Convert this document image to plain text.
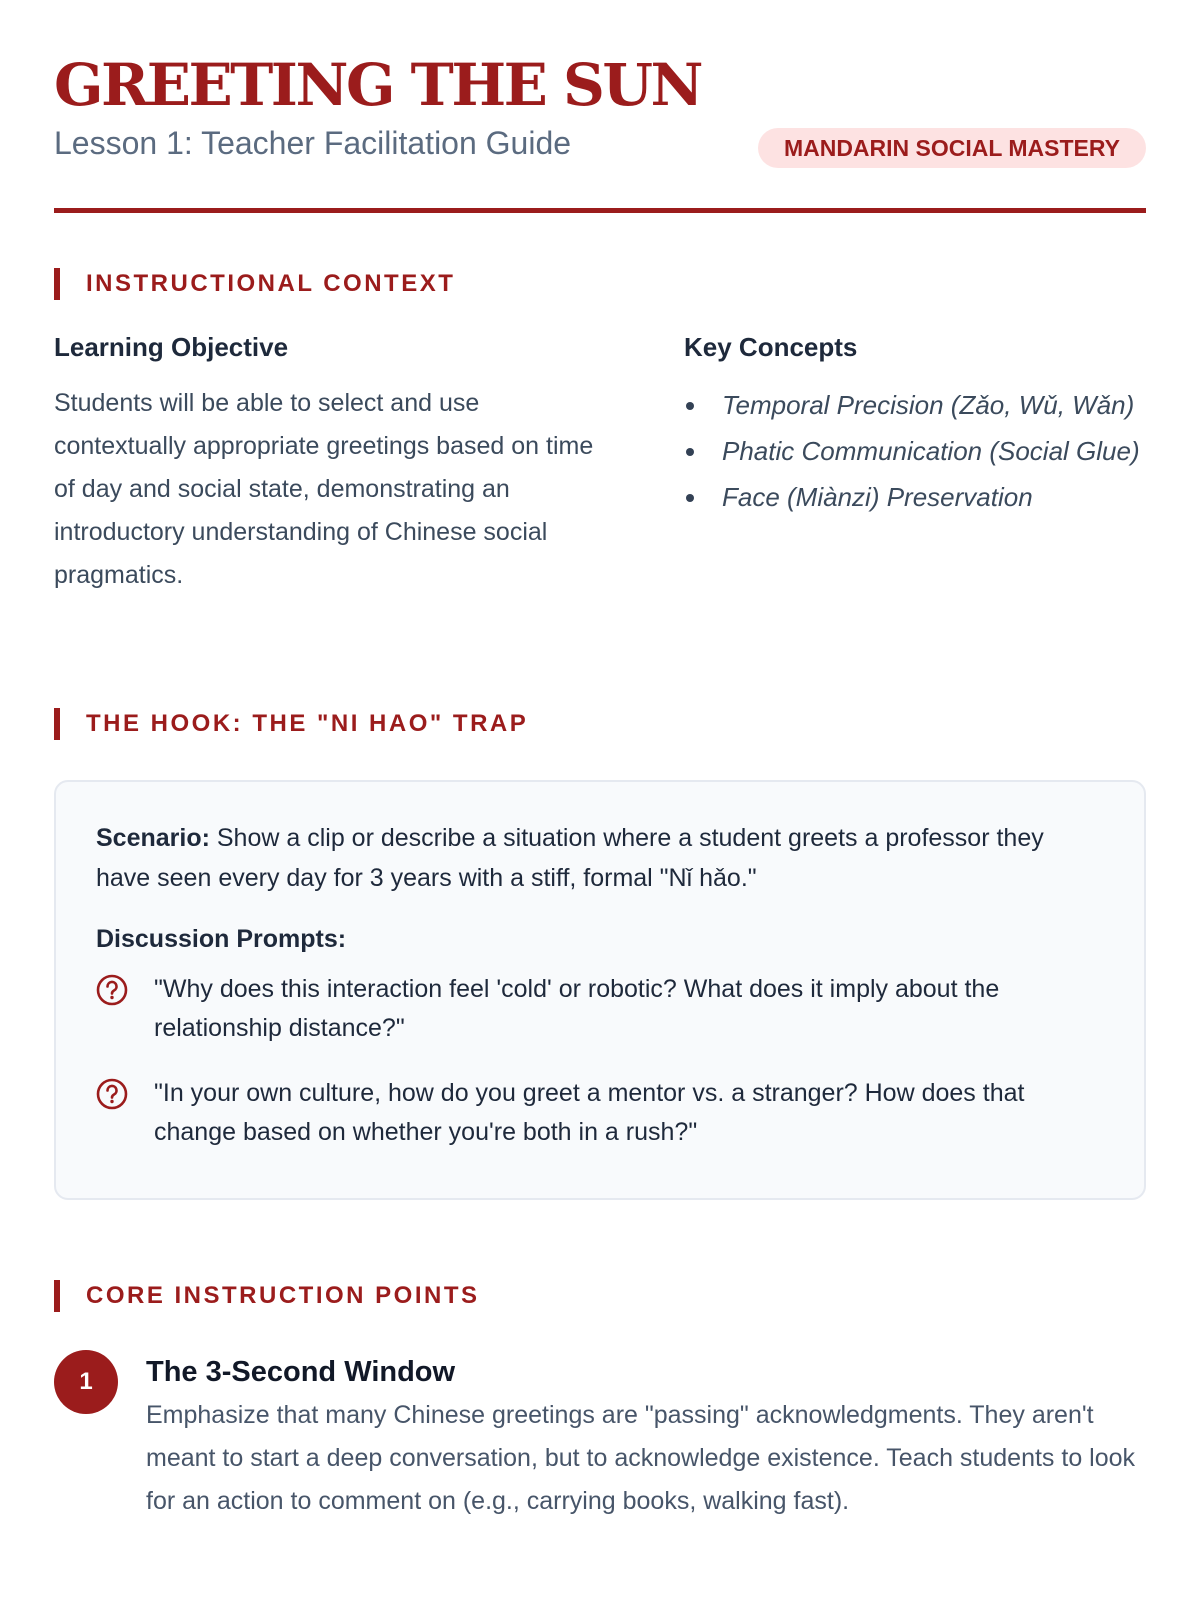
GREETING THE SUN
Lesson 1: Teacher Facilitation Guide	MANDARIN SOCIAL MASTERY
INSTRUCTIONAL CONTEXT
Learning Objective

Students will be able to select and use contextually appropriate greetings based on time of day and social state, demonstrating an introductory understanding of Chinese social pragmatics.

Key Concepts
Temporal Precision (Zǎo, Wǔ, Wǎn)
Phatic Communication (Social Glue)
Face (Miànzi) Preservation
THE HOOK: THE "NI HAO" TRAP

Scenario: Show a clip or describe a situation where a student greets a professor they have seen every day for 3 years with a stiff, formal "Nǐ hǎo."

Discussion Prompts:
"Why does this interaction feel 'cold' or robotic? What does it imply about the relationship distance?"
"In your own culture, how do you greet a mentor vs. a stranger? How does that change based on whether you're both in a rush?"
CORE INSTRUCTION POINTS
1	The 3-Second Window

Emphasize that many Chinese greetings are "passing" acknowledgments. They aren't meant to start a deep conversation, but to acknowledge existence. Teach students to look for an action to comment on (e.g., carrying books, walking fast).
